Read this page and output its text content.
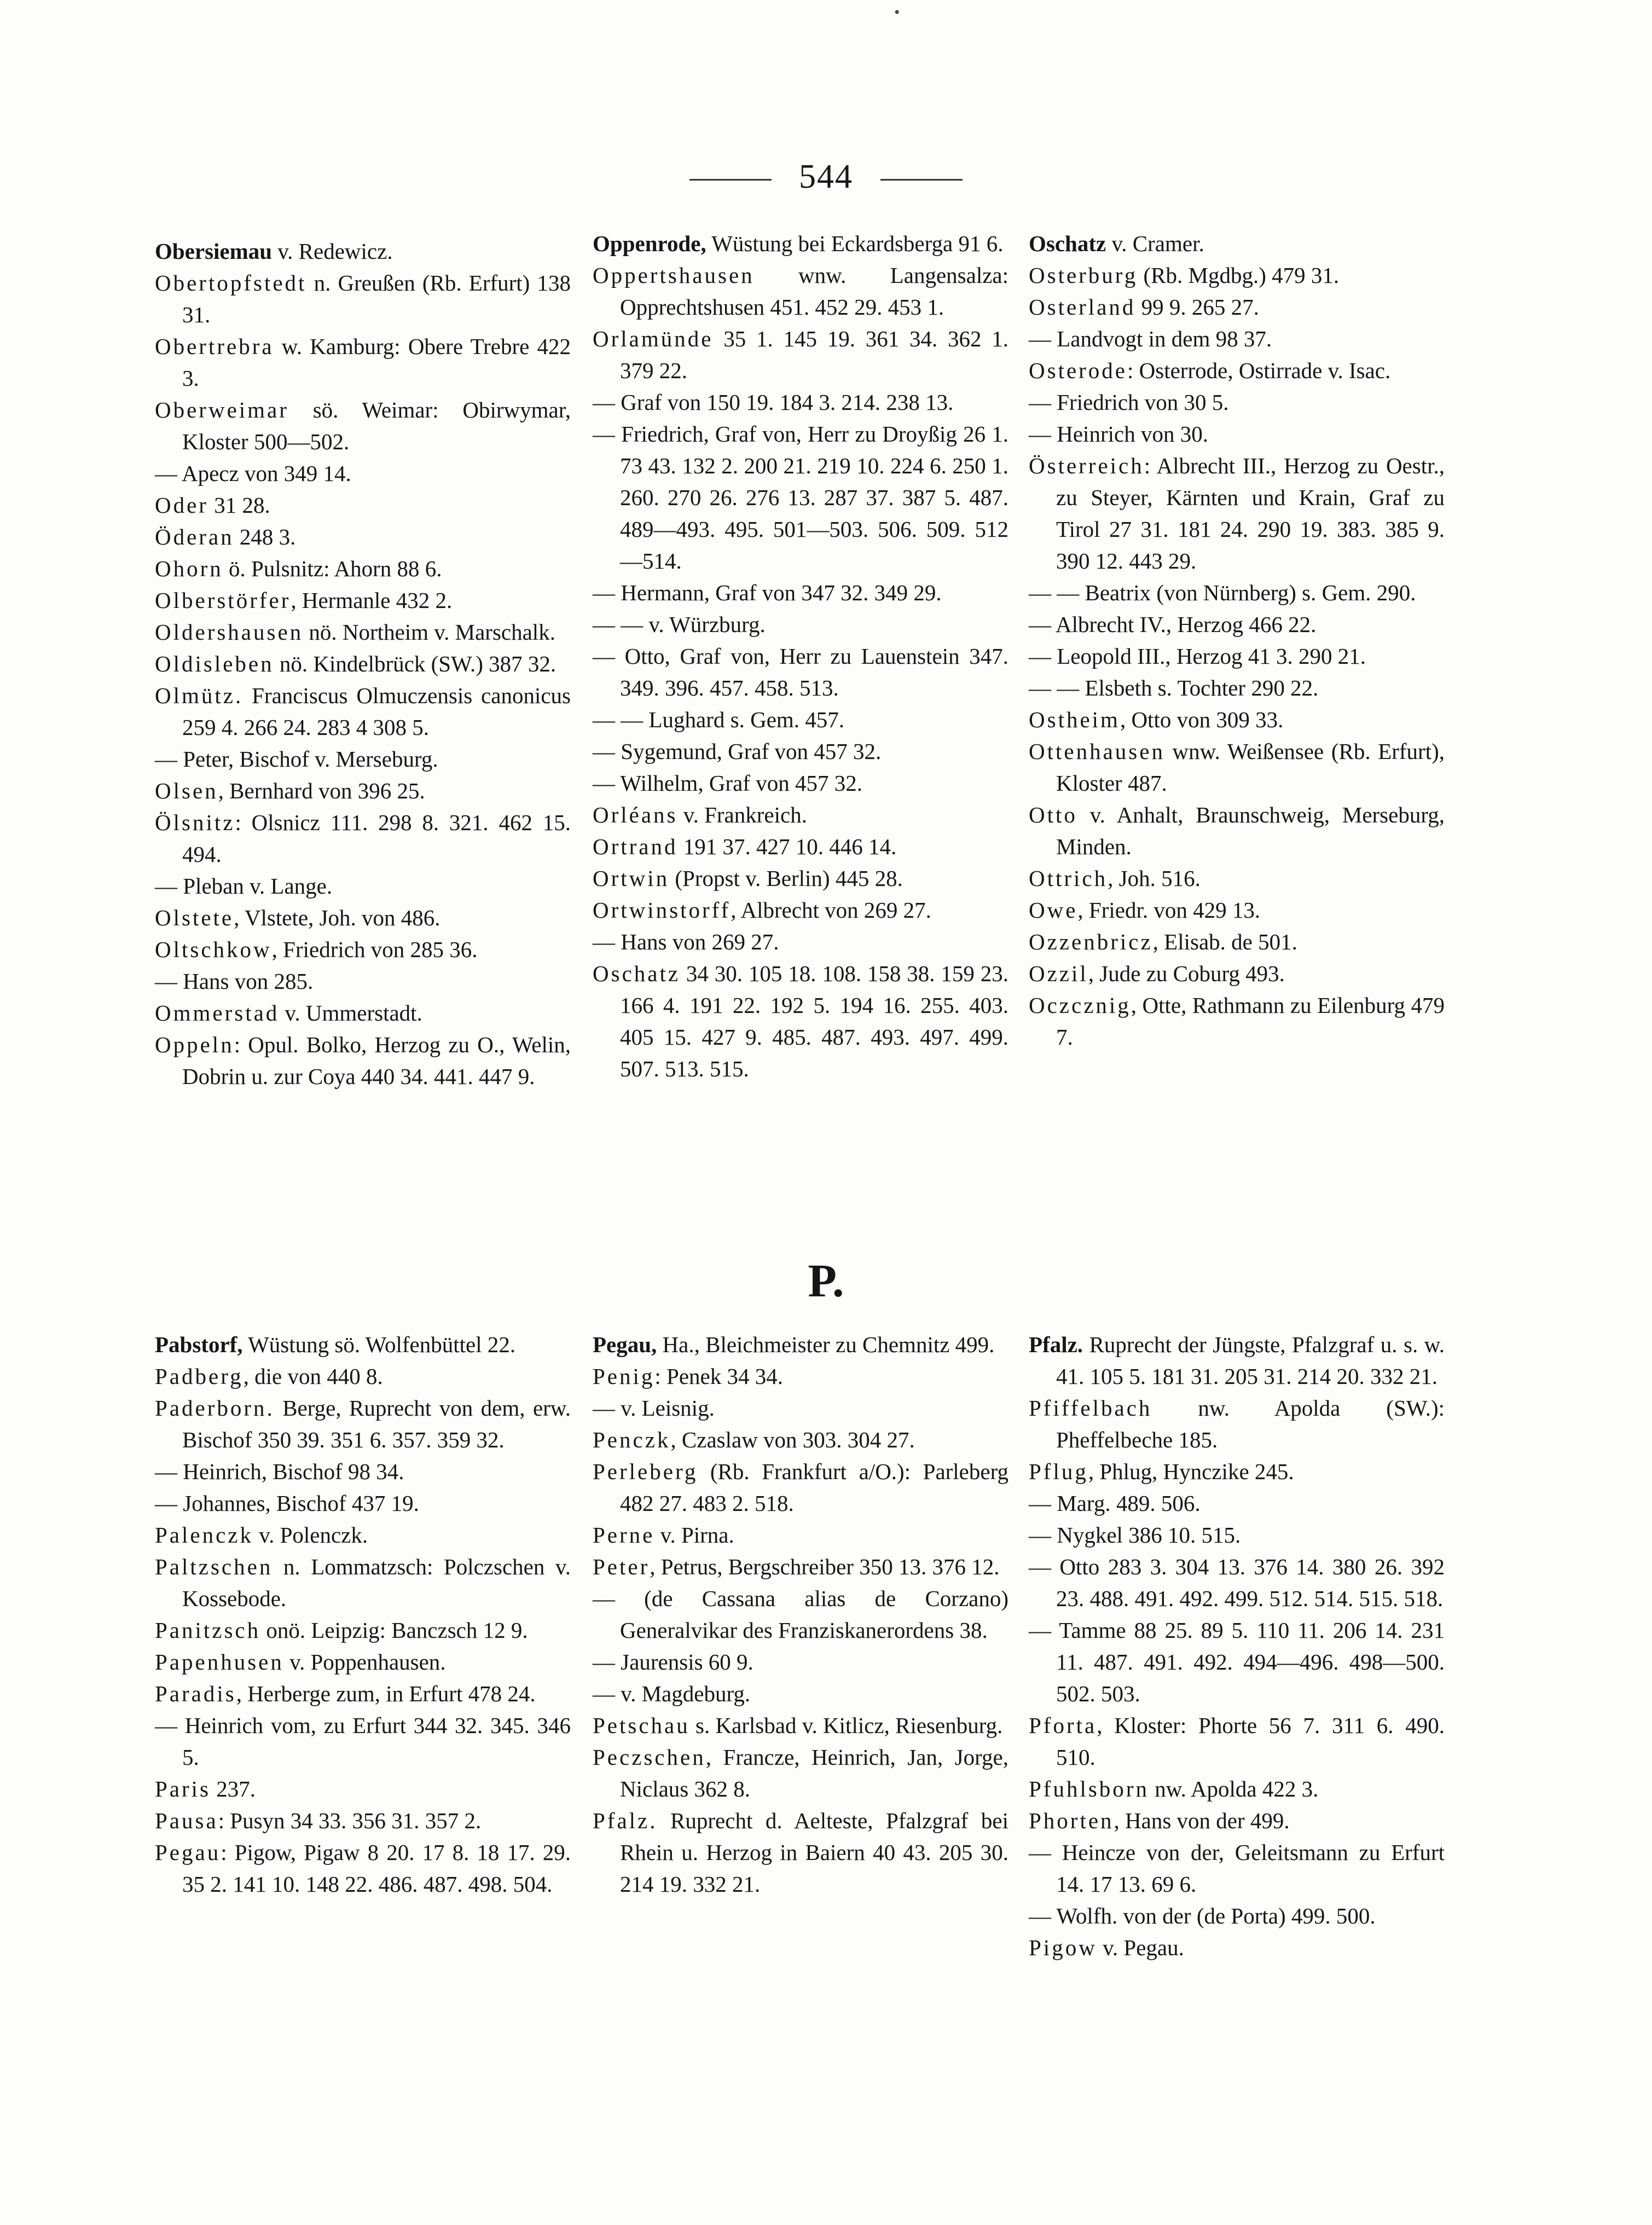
544
•

Obersiemau v. Redewicz.

Obertopfstedt n. Greußen (Rb. Erfurt) 138 31.

Obertrebra w. Kamburg: Obere Trebre 422 3.

Oberweimar sö. Weimar: Obirwymar, Kloster 500—502.

— Apecz von 349 14.

Oder 31 28.

Öderan 248 3.

Ohorn ö. Pulsnitz: Ahorn 88 6.

Olberstörfer, Hermanle 432 2.

Oldershausen nö. Northeim v. Marschalk.

Oldisleben nö. Kindelbrück (SW.) 387 32.

Olmütz. Franciscus Olmuczensis canonicus 259 4. 266 24. 283 4 308 5.

— Peter, Bischof v. Merseburg.

Olsen, Bernhard von 396 25.

Ölsnitz: Olsnicz 111. 298 8. 321. 462 15. 494.

— Pleban v. Lange.

Olstete, Vlstete, Joh. von 486.

Oltschkow, Friedrich von 285 36.

— Hans von 285.

Ommerstad v. Ummerstadt.

Oppeln: Opul. Bolko, Herzog zu O., Welin, Dobrin u. zur Coya 440 34. 441. 447 9.

Oppenrode, Wüstung bei Eckardsberga 91 6.

Oppertshausen wnw. Langensalza: Opprechtshusen 451. 452 29. 453 1.

Orlamünde 35 1. 145 19. 361 34. 362 1. 379 22.

— Graf von 150 19. 184 3. 214. 238 13.

— Friedrich, Graf von, Herr zu Droyßig 26 1. 73 43. 132 2. 200 21. 219 10. 224 6. 250 1. 260. 270 26. 276 13. 287 37. 387 5. 487. 489—493. 495. 501—503. 506. 509. 512—514.

— Hermann, Graf von 347 32. 349 29.

— — v. Würzburg.

— Otto, Graf von, Herr zu Lauenstein 347. 349. 396. 457. 458. 513.

— — Lughard s. Gem. 457.

— Sygemund, Graf von 457 32.

— Wilhelm, Graf von 457 32.

Orléans v. Frankreich.

Ortrand 191 37. 427 10. 446 14.

Ortwin (Propst v. Berlin) 445 28.

Ortwinstorff, Albrecht von 269 27.

— Hans von 269 27.

Oschatz 34 30. 105 18. 108. 158 38. 159 23. 166 4. 191 22. 192 5. 194 16. 255. 403. 405 15. 427 9. 485. 487. 493. 497. 499. 507. 513. 515.

Oschatz v. Cramer.

Osterburg (Rb. Mgdbg.) 479 31.

Osterland 99 9. 265 27.

— Landvogt in dem 98 37.

Osterode: Osterrode, Ostirrade v. Isac.

— Friedrich von 30 5.

— Heinrich von 30.

Österreich: Albrecht III., Herzog zu Oestr., zu Steyer, Kärnten und Krain, Graf zu Tirol 27 31. 181 24. 290 19. 383. 385 9. 390 12. 443 29.

— — Beatrix (von Nürnberg) s. Gem. 290.

— Albrecht IV., Herzog 466 22.

— Leopold III., Herzog 41 3. 290 21.

— — Elsbeth s. Tochter 290 22.

Ostheim, Otto von 309 33.

Ottenhausen wnw. Weißensee (Rb. Erfurt), Kloster 487.

Otto v. Anhalt, Braunschweig, Merseburg, Minden.

Ottrich, Joh. 516.

Owe, Friedr. von 429 13.

Ozzenbricz, Elisab. de 501.

Ozzil, Jude zu Coburg 493.

Oczcznig, Otte, Rathmann zu Eilenburg 479 7.

P.

Pabstorf, Wüstung sö. Wolfenbüttel 22.

Padberg, die von 440 8.

Paderborn. Berge, Ruprecht von dem, erw. Bischof 350 39. 351 6. 357. 359 32.

— Heinrich, Bischof 98 34.

— Johannes, Bischof 437 19.

Palenczk v. Polenczk.

Paltzschen n. Lommatzsch: Polczschen v. Kossebode.

Panitzsch onö. Leipzig: Banczsch 12 9.

Papenhusen v. Poppenhausen.

Paradis, Herberge zum, in Erfurt 478 24.

— Heinrich vom, zu Erfurt 344 32. 345. 346 5.

Paris 237.

Pausa: Pusyn 34 33. 356 31. 357 2.

Pegau: Pigow, Pigaw 8 20. 17 8. 18 17. 29. 35 2. 141 10. 148 22. 486. 487. 498. 504.

Pegau, Ha., Bleichmeister zu Chemnitz 499.

Penig: Penek 34 34.

— v. Leisnig.

Penczk, Czaslaw von 303. 304 27.

Perleberg (Rb. Frankfurt a/O.): Parleberg 482 27. 483 2. 518.

Perne v. Pirna.

Peter, Petrus, Bergschreiber 350 13. 376 12.

— (de Cassana alias de Corzano) Generalvikar des Franziskanerordens 38.

— Jaurensis 60 9.

— v. Magdeburg.

Petschau s. Karlsbad v. Kitlicz, Riesenburg.

Peczschen, Francze, Heinrich, Jan, Jorge, Niclaus 362 8.

Pfalz. Ruprecht d. Aelteste, Pfalzgraf bei Rhein u. Herzog in Baiern 40 43. 205 30. 214 19. 332 21.

Pfalz. Ruprecht der Jüngste, Pfalzgraf u. s. w. 41. 105 5. 181 31. 205 31. 214 20. 332 21.

Pfiffelbach nw. Apolda (SW.): Pheffelbeche 185.

Pflug, Phlug, Hynczike 245.

— Marg. 489. 506.

— Nygkel 386 10. 515.

— Otto 283 3. 304 13. 376 14. 380 26. 392 23. 488. 491. 492. 499. 512. 514. 515. 518.

— Tamme 88 25. 89 5. 110 11. 206 14. 231 11. 487. 491. 492. 494—496. 498—500. 502. 503.

Pforta, Kloster: Phorte 56 7. 311 6. 490. 510.

Pfuhlsborn nw. Apolda 422 3.

Phorten, Hans von der 499.

— Heincze von der, Geleitsmann zu Erfurt 14. 17 13. 69 6.

— Wolfh. von der (de Porta) 499. 500.

Pigow v. Pegau.
